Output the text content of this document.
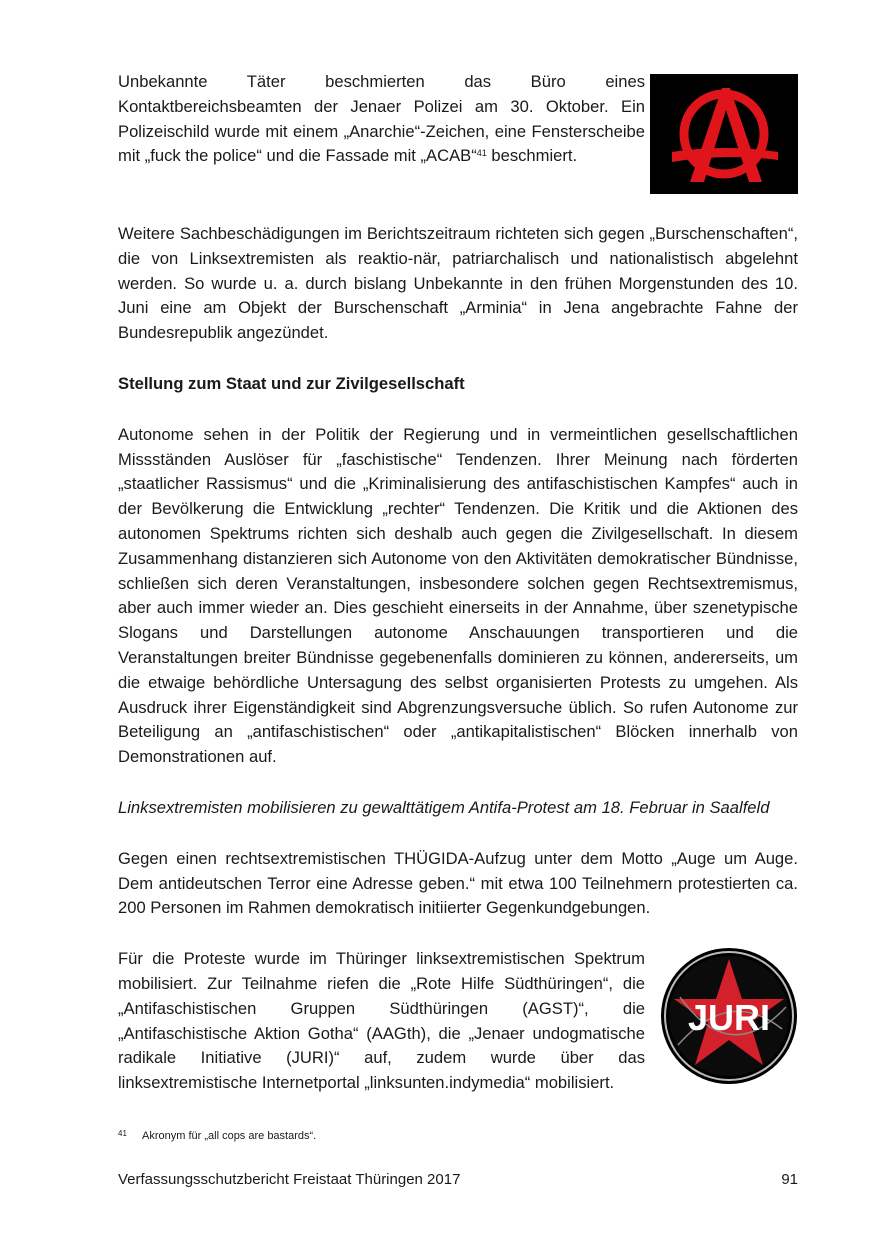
Unbekannte Täter beschmierten das Büro eines Kontaktbereichsbeamten der Jenaer Polizei am 30. Oktober. Ein Polizeischild wurde mit einem „Anarchie“-Zeichen, eine Fensterscheibe mit „fuck the police“ und die Fassade mit „ACAB“$^{41}$ beschmiert.

Weitere Sachbeschädigungen im Berichtszeitraum richteten sich gegen „Burschenschaften“, die von Linksextremisten als reaktio-när, patriarchalisch und nationalistisch abgelehnt werden. So wurde u. a. durch bislang Unbekannte in den frühen Morgenstunden des 10. Juni eine am Objekt der Burschenschaft „Arminia“ in Jena angebrachte Fahne der Bundesrepublik angezündet.

Stellung zum Staat und zur Zivilgesellschaft

Autonome sehen in der Politik der Regierung und in vermeintlichen gesellschaftlichen Missständen Auslöser für „faschistische“ Tendenzen. Ihrer Meinung nach förderten „staatlicher Rassismus“ und die „Kriminalisierung des antifaschistischen Kampfes“ auch in der Bevölkerung die Entwicklung „rechter“ Tendenzen. Die Kritik und die Aktionen des autonomen Spektrums richten sich deshalb auch gegen die Zivilgesellschaft. In diesem Zusammenhang distanzieren sich Autonome von den Aktivitäten demokratischer Bündnisse, schließen sich deren Veranstaltungen, insbesondere solchen gegen Rechtsextremismus, aber auch immer wieder an. Dies geschieht einerseits in der Annahme, über szenetypische Slogans und Darstellungen autonome Anschauungen transportieren und die Veranstaltungen breiter Bündnisse gegebenenfalls dominieren zu können, andererseits, um die etwaige behördliche Untersagung des selbst organisierten Protests zu umgehen. Als Ausdruck ihrer Eigenständigkeit sind Abgrenzungsversuche üblich. So rufen Autonome zur Beteiligung an „antifaschistischen“ oder „antikapitalistischen“ Blöcken innerhalb von Demonstrationen auf.

Linksextremisten mobilisieren zu gewalttätigem Antifa-Protest am 18. Februar in Saalfeld

Gegen einen rechtsextremistischen THÜGIDA-Aufzug unter dem Motto „Auge um Auge. Dem antideutschen Terror eine Adresse geben.“ mit etwa 100 Teilnehmern protestierten ca. 200 Personen im Rahmen demokratisch initiierter Gegenkundgebungen.

Für die Proteste wurde im Thüringer linksextremistischen Spektrum mobilisiert. Zur Teilnahme riefen die „Rote Hilfe Südthüringen“, die „Antifaschistischen Gruppen Südthüringen (AGST)“, die „Antifaschistische Aktion Gotha“ (AAGth), die „Jenaer undogmatische radikale Initiative (JURI)“ auf, zudem wurde über das linksextremistische Internetportal „linksunten.indymedia“ mobilisiert.

JURI
41 Akronym für „all cops are bastards“.
Verfassungsschutzbericht Freistaat Thüringen 2017	91
